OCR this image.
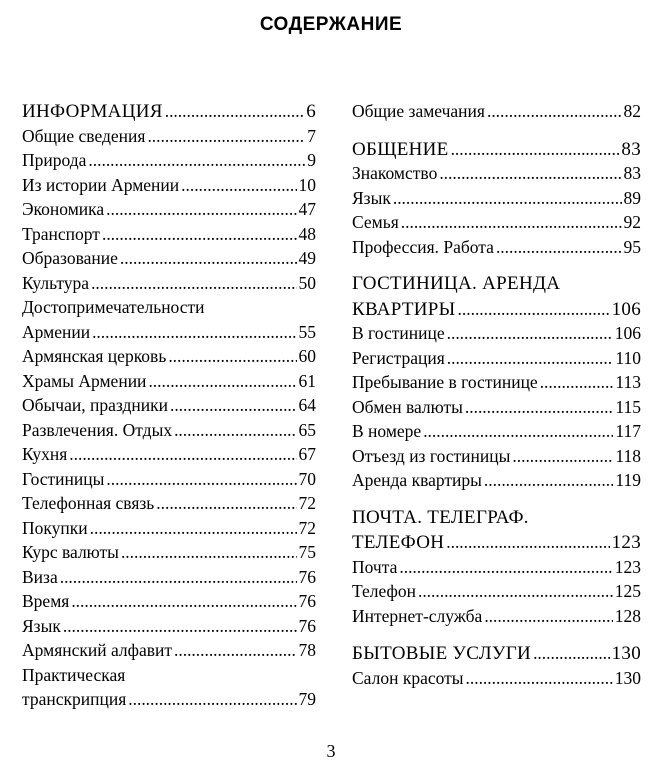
СОДЕРЖАНИЕ
ИНФОРМАЦИЯ . . .	6
Общие сведения . . .	7
Природа . . .	9
Из истории Армении . . .	10
Экономика . . .	47
Транспорт . . .	48
Образование . . .	49
Культура . . .	50
Достопримечательности
Армении . . .	55
Армянская церковь . . .	60
Храмы Армении . . .	61
Обычаи, праздники . . .	64
Развлечения. Отдых . . .	65
Кухня . . .	67
Гостиницы . . .	70
Телефонная связь . . .	72
Покупки . . .	72
Курс валюты . . .	75
Виза . . .	76
Время . . .	76
Язык . . .	76
Армянский алфавит . . .	78
Практическая
транскрипция . . .	79
Общие замечания . . .	82
ОБЩЕНИЕ . . .	83
Знакомство . . .	83
Язык . . .	89
Семья . . .	92
Профессия. Работа . . .	95
ГОСТИНИЦА. АРЕНДА
КВАРТИРЫ . . .	106
В гостинице . . .	106
Регистрация . . .	110
Пребывание в гостинице . . .	113
Обмен валюты . . .	115
В номере . . .	117
Отъезд из гостиницы . . .	118
Аренда квартиры . . .	119
ПОЧТА. ТЕЛЕГРАФ.
ТЕЛЕФОН . . .	123
Почта . . .	123
Телефон . . .	125
Интернет-служба . . .	128
БЫТОВЫЕ УСЛУГИ . . .	130
Салон красоты . . .	130
3
